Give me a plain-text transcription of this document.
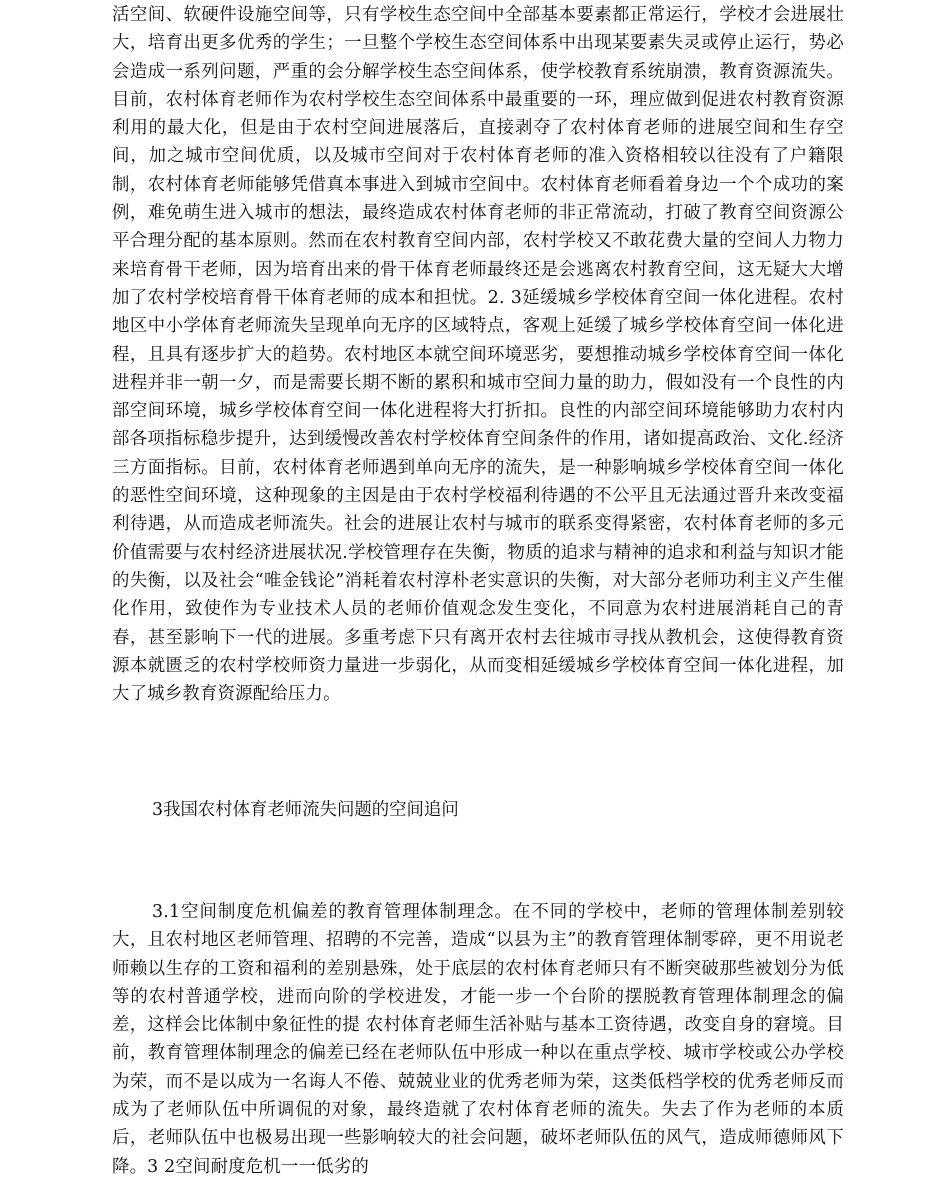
活空间、软硬件设施空间等，只有学校生态空间中全部基本要素都正常运行，学校才会进展壮大，培育出更多优秀的学生；一旦整个学校生态空间体系中出现某要素失灵或停止运行，势必会造成一系列问题，严重的会分解学校生态空间体系，使学校教育系统崩溃，教育资源流失。目前，农村体育老师作为农村学校生态空间体系中最重要的一环，理应做到促进农村教育资源利用的最大化，但是由于农村空间进展落后，直接剥夺了农村体育老师的进展空间和生存空间，加之城市空间优质，以及城市空间对于农村体育老师的准入资格相较以往没有了户籍限制，农村体育老师能够凭借真本事进入到城市空间中。农村体育老师看着身边一个个成功的案例，难免萌生进入城市的想法，最终造成农村体育老师的非正常流动，打破了教育空间资源公平合理分配的基本原则。然而在农村教育空间内部，农村学校又不敢花费大量的空间人力物力来培育骨干老师，因为培育出来的骨干体育老师最终还是会逃离农村教育空间，这无疑大大增加了农村学校培育骨干体育老师的成本和担忧。2. 3延缓城乡学校体育空间一体化进程。农村地区中小学体育老师流失呈现单向无序的区域特点，客观上延缓了城乡学校体育空间一体化进程，且具有逐步扩大的趋势。农村地区本就空间环境恶劣，要想推动城乡学校体育空间一体化进程并非一朝一夕，而是需要长期不断的累积和城市空间力量的助力，假如没有一个良性的内部空间环境，城乡学校体育空间一体化进程将大打折扣。良性的内部空间环境能够助力农村内部各项指标稳步提升，达到缓慢改善农村学校体育空间条件的作用，诸如提高政治、文化.经济三方面指标。目前，农村体育老师遇到单向无序的流失，是一种影响城乡学校体育空间一体化的恶性空间环境，这种现象的主因是由于农村学校福利待遇的不公平且无法通过晋升来改变福利待遇，从而造成老师流失。社会的进展让农村与城市的联系变得紧密，农村体育老师的多元价值需要与农村经济进展状况.学校管理存在失衡，物质的追求与精神的追求和利益与知识才能的失衡，以及社会“唯金钱论”消耗着农村淳朴老实意识的失衡，对大部分老师功利主义产生催化作用，致使作为专业技术人员的老师价值观念发生变化，不同意为农村进展消耗自己的青春，甚至影响下一代的进展。多重考虑下只有离开农村去往城市寻找从教机会，这使得教育资源本就匮乏的农村学校师资力量进一步弱化，从而变相延缓城乡学校体育空间一体化进程，加大了城乡教育资源配给压力。

3我国农村体育老师流失问题的空间追问

3.1空间制度危机偏差的教育管理体制理念。在不同的学校中，老师的管理体制差别较大，且农村地区老师管理、招聘的不完善，造成“以县为主”的教育管理体制零碎，更不用说老师赖以生存的工资和福利的差别悬殊，处于底层的农村体育老师只有不断突破那些被划分为低等的农村普通学校，进而向阶的学校进发，才能一步一个台阶的摆脱教育管理体制理念的偏差，这样会比体制中象征性的提 农村体育老师生活补贴与基本工资待遇，改变自身的窘境。目前，教育管理体制理念的偏差已经在老师队伍中形成一种以在重点学校、城市学校或公办学校为荣，而不是以成为一名诲人不倦、兢兢业业的优秀老师为荣，这类低档学校的优秀老师反而成为了老师队伍中所调侃的对象，最终造就了农村体育老师的流失。失去了作为老师的本质后，老师队伍中也极易出现一些影响较大的社会问题，破坏老师队伍的风气，造成师德师风下降。3 2空间耐度危机一一低劣的
